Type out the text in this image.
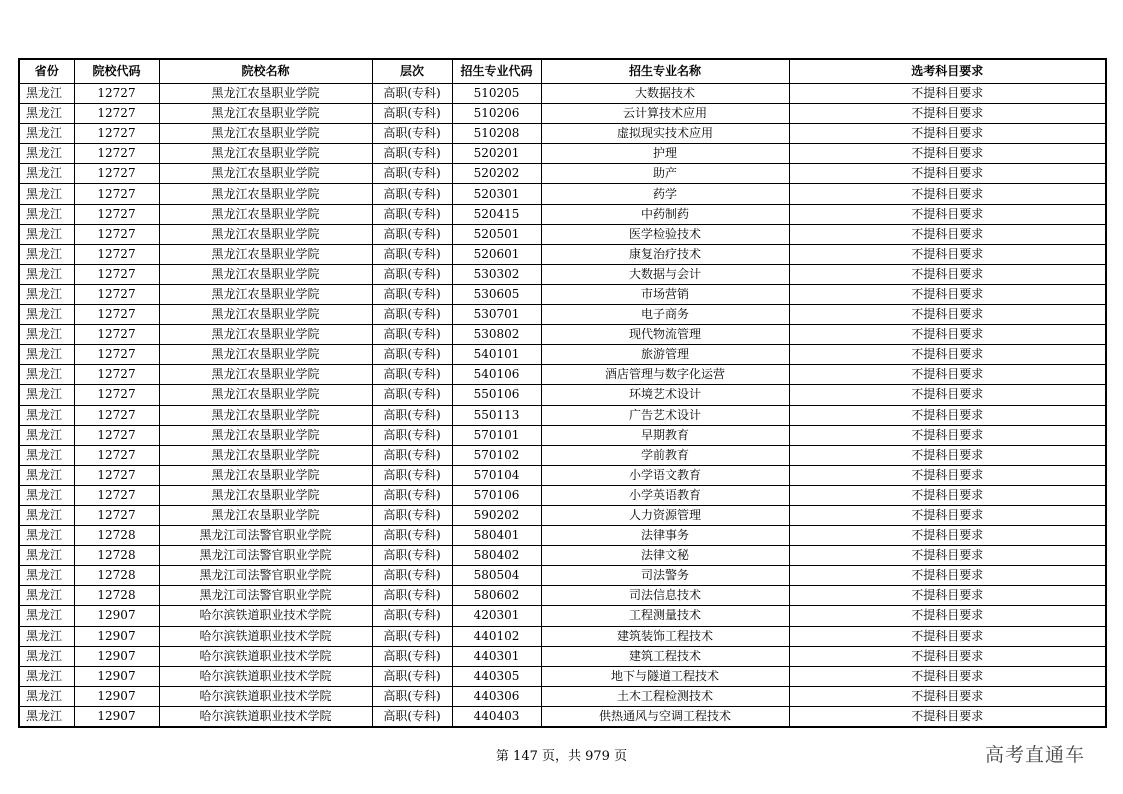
省份	院校代码	院校名称	层次	招生专业代码	招生专业名称	选考科目要求
黑龙江	12727	黑龙江农垦职业学院	高职(专科)	510205	大数据技术	不提科目要求
黑龙江	12727	黑龙江农垦职业学院	高职(专科)	510206	云计算技术应用	不提科目要求
黑龙江	12727	黑龙江农垦职业学院	高职(专科)	510208	虚拟现实技术应用	不提科目要求
黑龙江	12727	黑龙江农垦职业学院	高职(专科)	520201	护理	不提科目要求
黑龙江	12727	黑龙江农垦职业学院	高职(专科)	520202	助产	不提科目要求
黑龙江	12727	黑龙江农垦职业学院	高职(专科)	520301	药学	不提科目要求
黑龙江	12727	黑龙江农垦职业学院	高职(专科)	520415	中药制药	不提科目要求
黑龙江	12727	黑龙江农垦职业学院	高职(专科)	520501	医学检验技术	不提科目要求
黑龙江	12727	黑龙江农垦职业学院	高职(专科)	520601	康复治疗技术	不提科目要求
黑龙江	12727	黑龙江农垦职业学院	高职(专科)	530302	大数据与会计	不提科目要求
黑龙江	12727	黑龙江农垦职业学院	高职(专科)	530605	市场营销	不提科目要求
黑龙江	12727	黑龙江农垦职业学院	高职(专科)	530701	电子商务	不提科目要求
黑龙江	12727	黑龙江农垦职业学院	高职(专科)	530802	现代物流管理	不提科目要求
黑龙江	12727	黑龙江农垦职业学院	高职(专科)	540101	旅游管理	不提科目要求
黑龙江	12727	黑龙江农垦职业学院	高职(专科)	540106	酒店管理与数字化运营	不提科目要求
黑龙江	12727	黑龙江农垦职业学院	高职(专科)	550106	环境艺术设计	不提科目要求
黑龙江	12727	黑龙江农垦职业学院	高职(专科)	550113	广告艺术设计	不提科目要求
黑龙江	12727	黑龙江农垦职业学院	高职(专科)	570101	早期教育	不提科目要求
黑龙江	12727	黑龙江农垦职业学院	高职(专科)	570102	学前教育	不提科目要求
黑龙江	12727	黑龙江农垦职业学院	高职(专科)	570104	小学语文教育	不提科目要求
黑龙江	12727	黑龙江农垦职业学院	高职(专科)	570106	小学英语教育	不提科目要求
黑龙江	12727	黑龙江农垦职业学院	高职(专科)	590202	人力资源管理	不提科目要求
黑龙江	12728	黑龙江司法警官职业学院	高职(专科)	580401	法律事务	不提科目要求
黑龙江	12728	黑龙江司法警官职业学院	高职(专科)	580402	法律文秘	不提科目要求
黑龙江	12728	黑龙江司法警官职业学院	高职(专科)	580504	司法警务	不提科目要求
黑龙江	12728	黑龙江司法警官职业学院	高职(专科)	580602	司法信息技术	不提科目要求
黑龙江	12907	哈尔滨铁道职业技术学院	高职(专科)	420301	工程测量技术	不提科目要求
黑龙江	12907	哈尔滨铁道职业技术学院	高职(专科)	440102	建筑装饰工程技术	不提科目要求
黑龙江	12907	哈尔滨铁道职业技术学院	高职(专科)	440301	建筑工程技术	不提科目要求
黑龙江	12907	哈尔滨铁道职业技术学院	高职(专科)	440305	地下与隧道工程技术	不提科目要求
黑龙江	12907	哈尔滨铁道职业技术学院	高职(专科)	440306	土木工程检测技术	不提科目要求
黑龙江	12907	哈尔滨铁道职业技术学院	高职(专科)	440403	供热通风与空调工程技术	不提科目要求
第 147 页，共 979 页	高考直通车
